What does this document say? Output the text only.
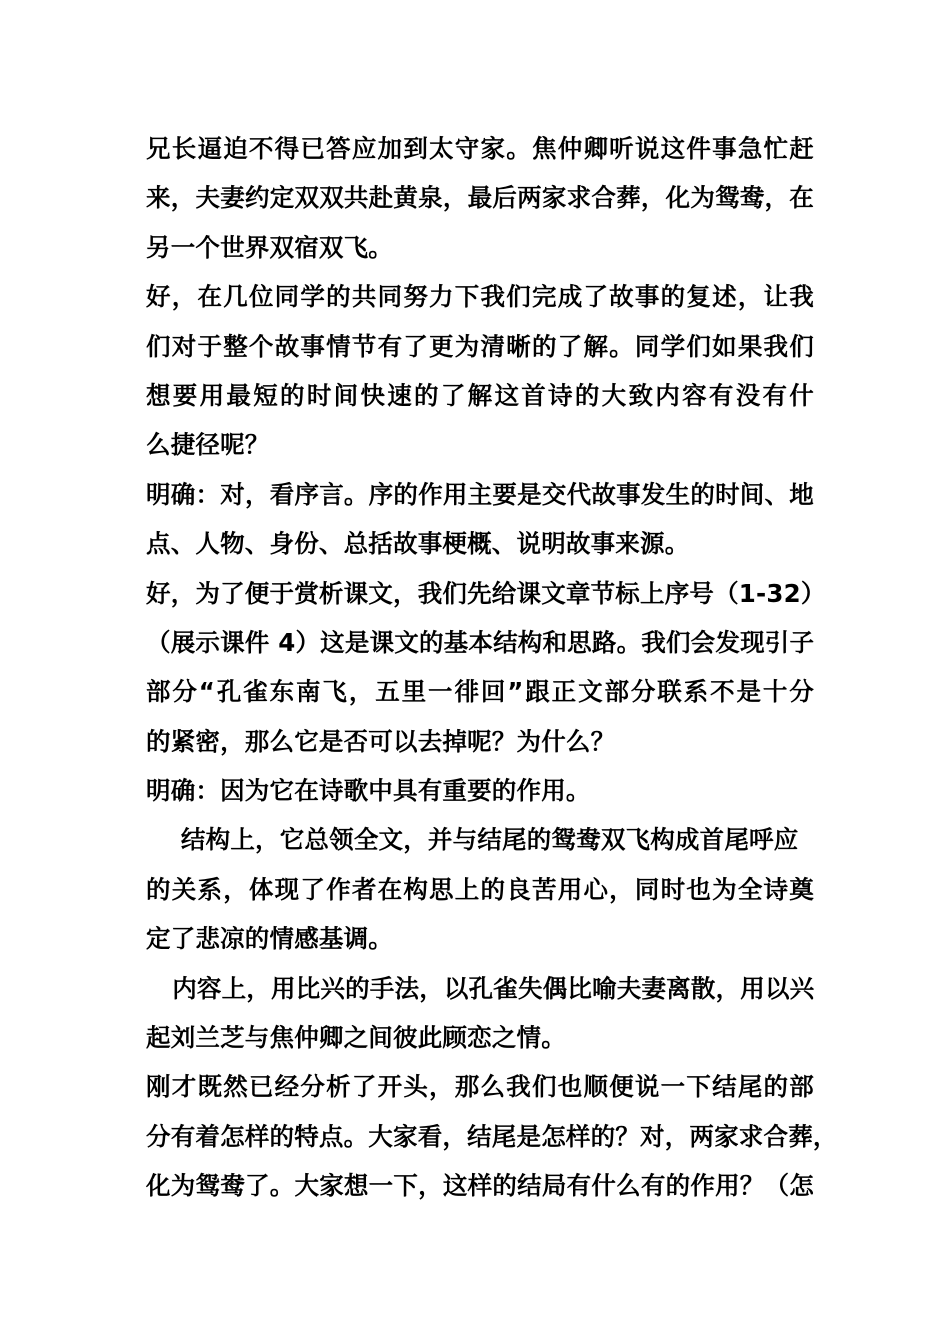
兄长逼迫不得已答应加到太守家。焦仲卿听说这件事急忙赶
来，夫妻约定双双共赴黄泉，最后两家求合葬，化为鸳鸯，在
另一个世界双宿双飞。
好，在几位同学的共同努力下我们完成了故事的复述，让我
们对于整个故事情节有了更为清晰的了解。同学们如果我们
想要用最短的时间快速的了解这首诗的大致内容有没有什
么捷径呢？
明确：对，看序言。序的作用主要是交代故事发生的时间、地
点、人物、身份、总括故事梗概、说明故事来源。
好，为了便于赏析课文，我们先给课文章节标上序号（1-32）
（展示课件 4）这是课文的基本结构和思路。我们会发现引子
部分“孔雀东南飞，五里一徘回”跟正文部分联系不是十分
的紧密，那么它是否可以去掉呢？为什么？
明确：因为它在诗歌中具有重要的作用。
结构上，它总领全文，并与结尾的鸳鸯双飞构成首尾呼应
的关系，体现了作者在构思上的良苦用心，同时也为全诗奠
定了悲凉的情感基调。
内容上，用比兴的手法，以孔雀失偶比喻夫妻离散，用以兴
起刘兰芝与焦仲卿之间彼此顾恋之情。
刚才既然已经分析了开头，那么我们也顺便说一下结尾的部
分有着怎样的特点。大家看，结尾是怎样的？对，两家求合葬，
化为鸳鸯了。大家想一下，这样的结局有什么有的作用？（怎
